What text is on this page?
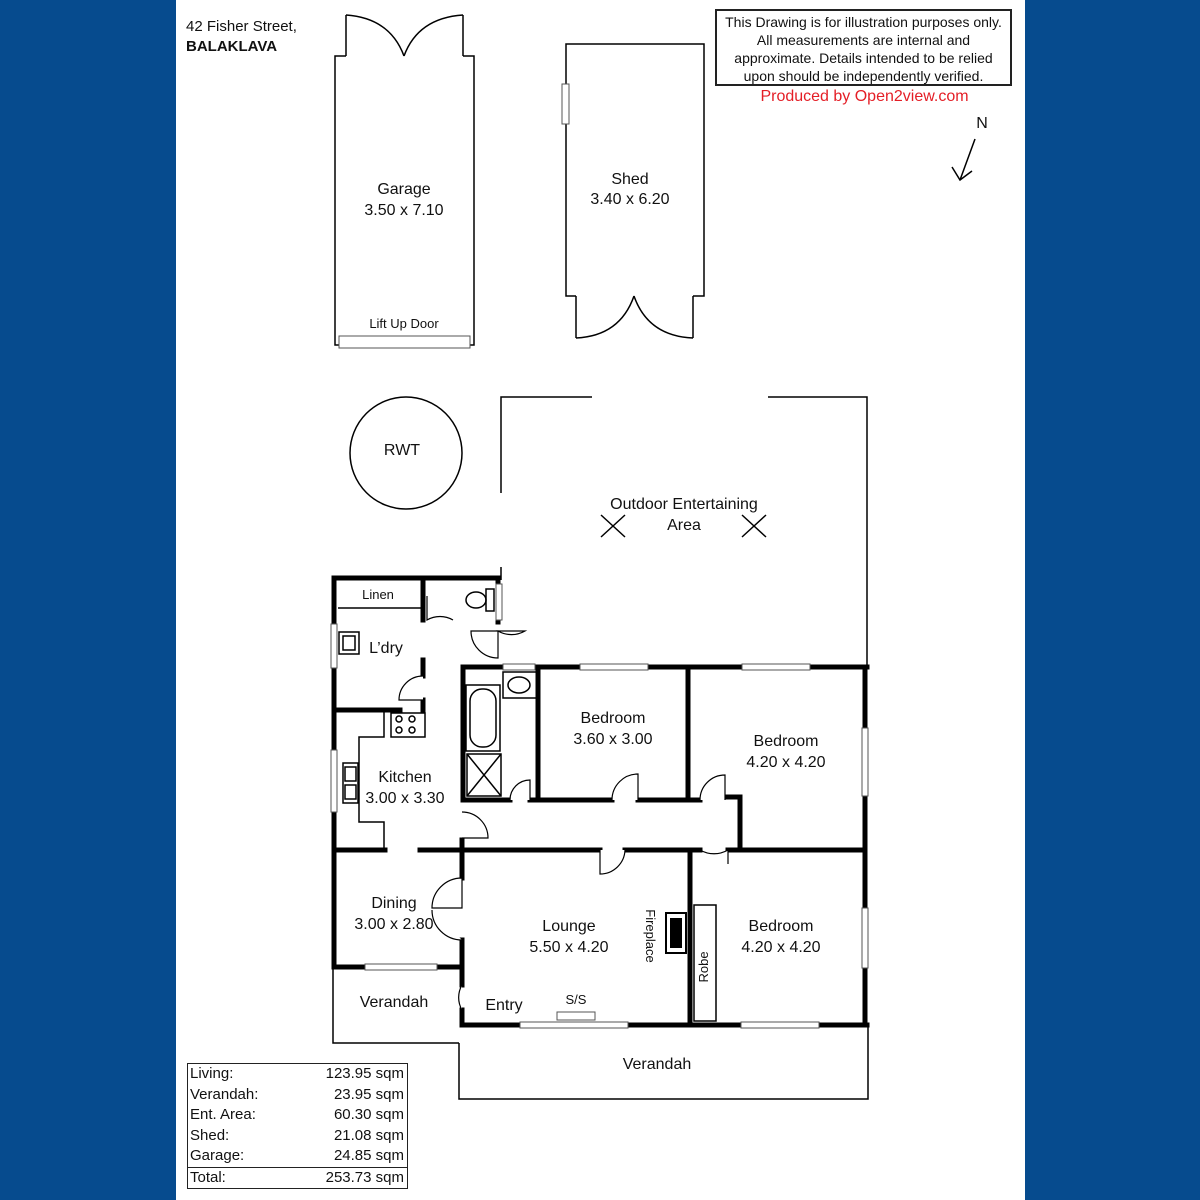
42 Fisher Street,
BALAKLAVA
This Drawing is for illustration purposes only. All measurements are internal and approximate. Details intended to be relied upon should be independently verified.
Produced by Open2view.com
N
Garage
3.50 x 7.10
Lift Up Door
Shed
3.40 x 6.20
RWT
Outdoor Entertaining
Area
Verandah
Verandah
Linen
L’dry
Kitchen
3.00 x 3.30
Dining
3.00 x 2.80
Bedroom
3.60 x 3.00	Bedroom
4.20 x 4.20
Bedroom
4.20 x 4.20
Lounge
5.50 x 4.20	Fireplace
Robe
Entry	S/S
Living:	123.95 sqm
Verandah:	23.95 sqm
Ent. Area:	60.30 sqm
Shed:	21.08 sqm
Garage:	24.85 sqm
Total:	253.73 sqm
